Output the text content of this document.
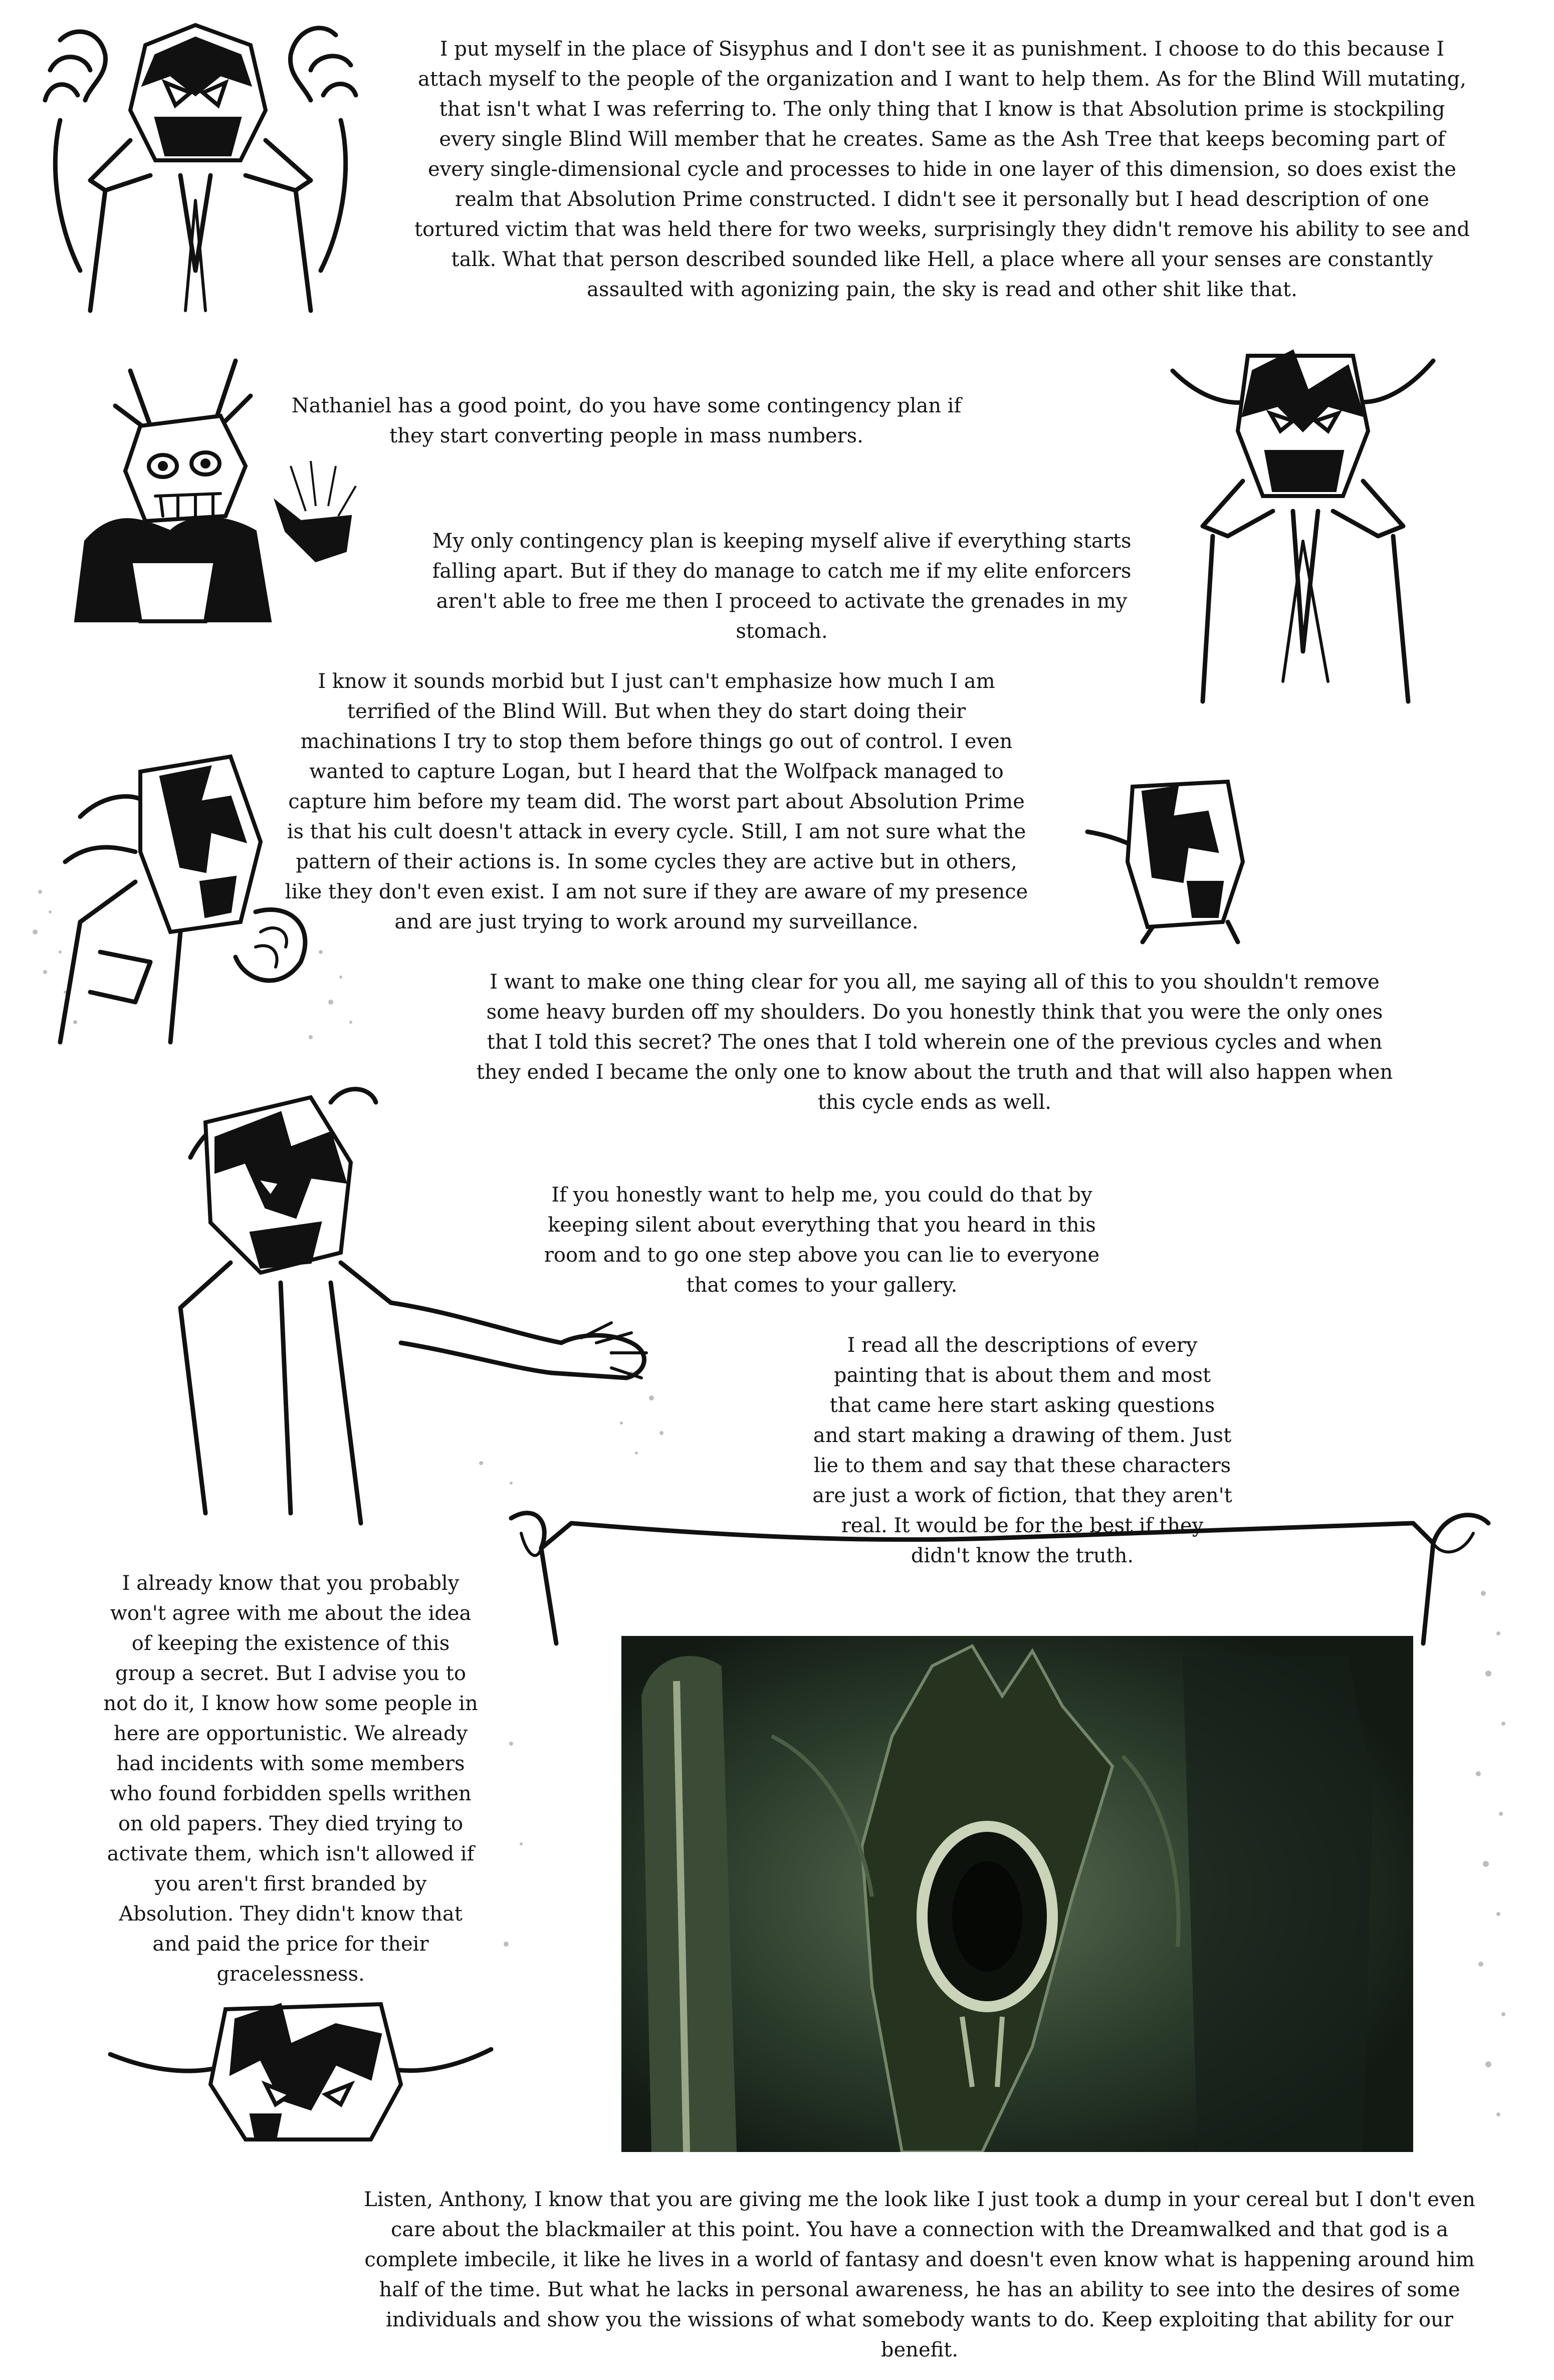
I put myself in the place of Sisyphus and I don't see it as punishment. I choose to do this because I attach myself to the people of the organization and I want to help them. As for the Blind Will mutating, that isn't what I was referring to. The only thing that I know is that Absolution prime is stockpiling every single Blind Will member that he creates. Same as the Ash Tree that keeps becoming part of every single-dimensional cycle and processes to hide in one layer of this dimension, so does exist the realm that Absolution Prime constructed. I didn't see it personally but I head description of one tortured victim that was held there for two weeks, surprisingly they didn't remove his ability to see and talk. What that person described sounded like Hell, a place where all your senses are constantly assaulted with agonizing pain, the sky is read and other shit like that.

Nathaniel has a good point, do you have some contingency plan if they start converting people in mass numbers.

My only contingency plan is keeping myself alive if everything starts falling apart. But if they do manage to catch me if my elite enforcers aren't able to free me then I proceed to activate the grenades in my stomach.

I know it sounds morbid but I just can't emphasize how much I am terrified of the Blind Will. But when they do start doing their machinations I try to stop them before things go out of control. I even wanted to capture Logan, but I heard that the Wolfpack managed to capture him before my team did. The worst part about Absolution Prime is that his cult doesn't attack in every cycle. Still, I am not sure what the pattern of their actions is. In some cycles they are active but in others, like they don't even exist. I am not sure if they are aware of my presence and are just trying to work around my surveillance.

I want to make one thing clear for you all, me saying all of this to you shouldn't remove some heavy burden off my shoulders. Do you honestly think that you were the only ones that I told this secret? The ones that I told wherein one of the previous cycles and when they ended I became the only one to know about the truth and that will also happen when this cycle ends as well.

If you honestly want to help me, you could do that by keeping silent about everything that you heard in this room and to go one step above you can lie to everyone that comes to your gallery.

I read all the descriptions of every painting that is about them and most that came here start asking questions and start making a drawing of them. Just lie to them and say that these characters are just a work of fiction, that they aren't real. It would be for the best if they didn't know the truth.

I already know that you probably won't agree with me about the idea of keeping the existence of this group a secret. But I advise you to not do it, I know how some people in here are opportunistic. We already had incidents with some members who found forbidden spells writhen on old papers. They died trying to activate them, which isn't allowed if you aren't first branded by Absolution. They didn't know that and paid the price for their gracelessness.

Listen, Anthony, I know that you are giving me the look like I just took a dump in your cereal but I don't even care about the blackmailer at this point. You have a connection with the Dreamwalked and that god is a complete imbecile, it like he lives in a world of fantasy and doesn't even know what is happening around him half of the time. But what he lacks in personal awareness, he has an ability to see into the desires of some individuals and show you the wissions of what somebody wants to do. Keep exploiting that ability for our benefit.
